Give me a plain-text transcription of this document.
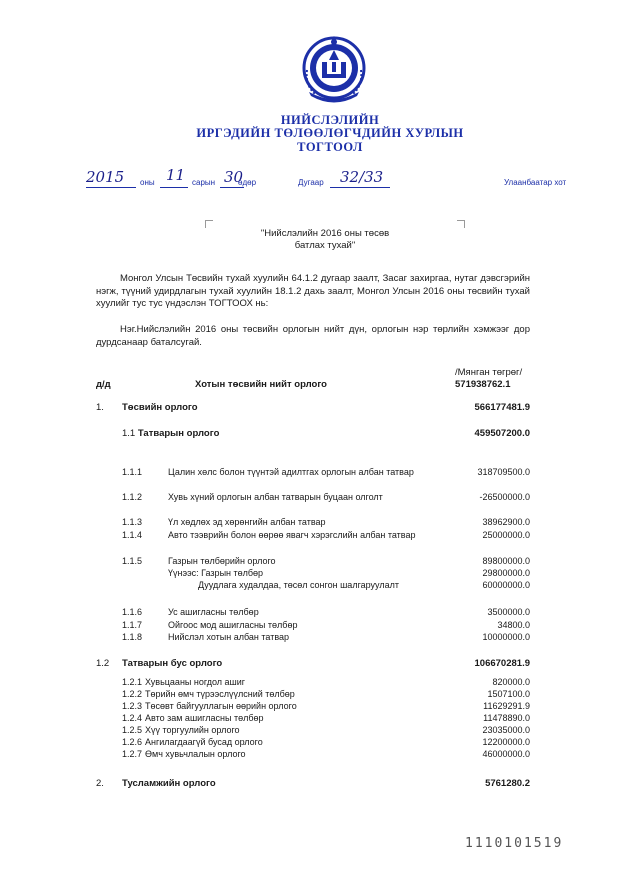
НИЙСЛЭЛИЙН
ИРГЭДИЙН ТӨЛӨӨЛӨГЧДИЙН ХУРЛЫН
ТОГТООЛ
2015 оны 11 сарын 30
өдөр	Дугаар 32/33	Улаанбаатар хот
"Нийслэлийн 2016 оны төсөв
батлах тухай"
Монгол Улсын Төсвийн тухай хуулийн 64.1.2 дугаар заалт, Засаг захиргаа, нутаг дэвсгэрийн нэгж, түүний удирдлагын тухай хуулийн 18.1.2 дахь заалт, Монгол Улсын 2016 оны төсвийн тухай хуулийг тус тус үндэслэн ТОГТООХ нь:
Нэг.Нийслэлийн 2016 оны төсвийн орлогын нийт дүн, орлогын нэр төрлийн хэмжээг дор дурдсанаар баталсугай.
/Мянган төгрөг/
д/д	Хотын төсвийн нийт орлого	571938762.1
1. Төсвийн орлого	566177481.9
1.1 Татварын орлого	459507200.0
1.1.1	Цалин хөлс болон түүнтэй адилтгах орлогын албан татвар	318709500.0
1.1.2	Хувь хүний орлогын албан татварын буцаан олголт	-26500000.0
1.1.3	Үл хөдлөх эд хөрөнгийн албан татвар	38962900.0
1.1.4	Авто тээврийн болон өөрөө явагч хэрэгслийн албан татвар	25000000.0
1.1.5	Газрын төлбөрийн орлого	89800000.0
Үүнээс: Газрын төлбөр	29800000.0
Дуудлага худалдаа, төсөл сонгон шалгаруулалт	60000000.0
1.1.6	Ус ашигласны төлбөр	3500000.0
1.1.7	Ойгоос мод ашигласны төлбөр	34800.0
1.1.8	Нийслэл хотын албан татвар	10000000.0
1.2 Татварын бус орлого	106670281.9
1.2.1 Хувьцааны ногдол ашиг	820000.0
1.2.2 Төрийн өмч түрээслүүлсний төлбөр	1507100.0
1.2.3 Төсөвт байгууллагын өөрийн орлого	11629291.9
1.2.4 Авто зам ашигласны төлбөр	11478890.0
1.2.5 Хүү торгуулийн орлого	23035000.0
1.2.6 Ангилагдаагүй бусад орлого	12200000.0
1.2.7 Өмч хувьчлалын орлого	46000000.0
2. Тусламжийн орлого	5761280.2
1110101519
